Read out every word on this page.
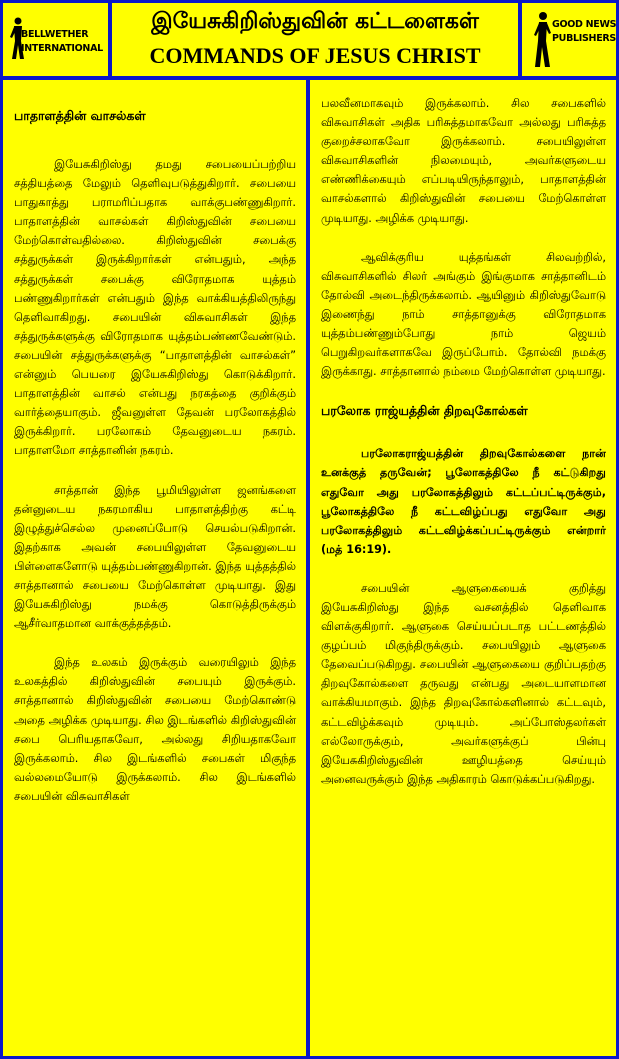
BELLWETHER
INTERNATIONAL
இயேசுகிறிஸ்துவின் கட்டளைகள்
COMMANDS OF JESUS CHRIST
GOOD NEWS
PUBLISHERS
பாதாளத்தின் வாசல்கள்

இயேசுகிறிஸ்து தமது சபையைப்பற்றிய சத்தியத்தை மேலும் தெளிவுபடுத்துகிறார். சபையை பாதுகாத்து பராமரிப்பதாக வாக்குபண்ணுகிறார். பாதாளத்தின் வாசல்கள் கிறிஸ்துவின் சபையை மேற்கொள்வதில்லை. கிறிஸ்துவின் சபைக்கு சத்துருக்கள் இருக்கிறார்கள் என்பதும், அந்த சத்துருக்கள் சபைக்கு விரோதமாக யுத்தம் பண்ணுகிறார்கள் என்பதும் இந்த வாக்கியத்திலிருந்து தெளிவாகிறது. சபையின் விசுவாசிகள் இந்த சத்துருக்களுக்கு விரோதமாக யுத்தம்பண்ணவேண்டும். சபையின் சத்துருக்களுக்கு “பாதாளத்தின் வாசல்கள்” என்னும் பெயரை இயேசுகிறிஸ்து கொடுக்கிறார். பாதாளத்தின் வாசல் என்பது நரகத்தை குறிக்கும் வார்த்தையாகும். ஜீவனுள்ள தேவன் பரலோகத்தில் இருக்கிறார். பரலோகம் தேவனுடைய நகரம். பாதாளமோ சாத்தானின் நகரம்.

சாத்தான் இந்த பூமியிலுள்ள ஜனங்களை தன்னுடைய நகரமாகிய பாதாளத்திற்கு கட்டி இழுத்துச்செல்ல முனைப்போடு செயல்படுகிறான். இதற்காக அவன் சபையிலுள்ள தேவனுடைய பிள்ளைகளோடு யுத்தம்பண்ணுகிறான். இந்த யுத்தத்தில் சாத்தானால் சபையை மேற்கொள்ள முடியாது. இது இயேசுகிறிஸ்து நமக்கு கொடுத்திருக்கும் ஆசீர்வாதமான வாக்குத்தத்தம்.

இந்த உலகம் இருக்கும் வரையிலும் இந்த உலகத்தில் கிறிஸ்துவின் சபையும் இருக்கும். சாத்தானால் கிறிஸ்துவின் சபையை மேற்கொண்டு அதை அழிக்க முடியாது. சில இடங்களில் கிறிஸ்துவின் சபை பெரியதாகவோ, அல்லது சிறியதாகவோ இருக்கலாம். சில இடங்களில் சபைகள் மிகுந்த வல்லமையோடு இருக்கலாம். சில இடங்களில் சபையின் விசுவாசிகள்

பலவீனமாகவும் இருக்கலாம். சில சபைகளில் விசுவாசிகள் அதிக பரிசுத்தமாகவோ அல்லது பரிசுத்த குறைச்சலாகவோ இருக்கலாம். சபையிலுள்ள விசுவாசிகளின் நிலமையும், அவர்களுடைய எண்ணிக்கையும் எப்படியிருந்தாலும், பாதாளத்தின் வாசல்களால் கிறிஸ்துவின் சபையை மேற்கொள்ள முடியாது. அழிக்க முடியாது.

ஆவிக்குரிய யுத்தங்கள் சிலவற்றில், விசுவாசிகளில் சிலர் அங்கும் இங்குமாக சாத்தானிடம் தோல்வி அடைந்திருக்கலாம். ஆயினும் கிறிஸ்துவோடு இணைந்து நாம் சாத்தானுக்கு விரோதமாக யுத்தம்பண்ணும்போது நாம் ஜெயம் பெறுகிறவர்களாகவே இருப்போம். தோல்வி நமக்கு இருக்காது. சாத்தானால் நம்மை மேற்கொள்ள முடியாது.

பரலோக ராஜ்யத்தின் திறவுகோல்கள்

பரலோகராஜ்யத்தின் திறவுகோல்களை நான் உனக்குத் தருவேன்; பூலோகத்திலே நீ கட்டுகிறது எதுவோ அது பரலோகத்திலும் கட்டப்பட்டிருக்கும், பூலோகத்திலே நீ கட்டவிழ்ப்பது எதுவோ அது பரலோகத்திலும் கட்டவிழ்க்கப்பட்டிருக்கும் என்றார் (மத் 16:19).

சபையின் ஆளுகையைக் குறித்து இயேசுகிறிஸ்து இந்த வசனத்தில் தெளிவாக விளக்குகிறார். ஆளுகை செய்யப்படாத பட்டணத்தில் குழப்பம் மிகுந்திருக்கும். சபையிலும் ஆளுகை தேவைப்படுகிறது. சபையின் ஆளுகையை குறிப்பதற்கு திறவுகோல்களை தருவது என்பது அடையாளமான வாக்கியமாகும். இந்த திறவுகோல்களினால் கட்டவும், கட்டவிழ்க்கவும் முடியும். அப்போஸ்தலர்கள் எல்லோருக்கும், அவர்களுக்குப் பின்பு இயேசுகிறிஸ்துவின் ஊழியத்தை செய்யும் அனைவருக்கும் இந்த அதிகாரம் கொடுக்கப்படுகிறது.
